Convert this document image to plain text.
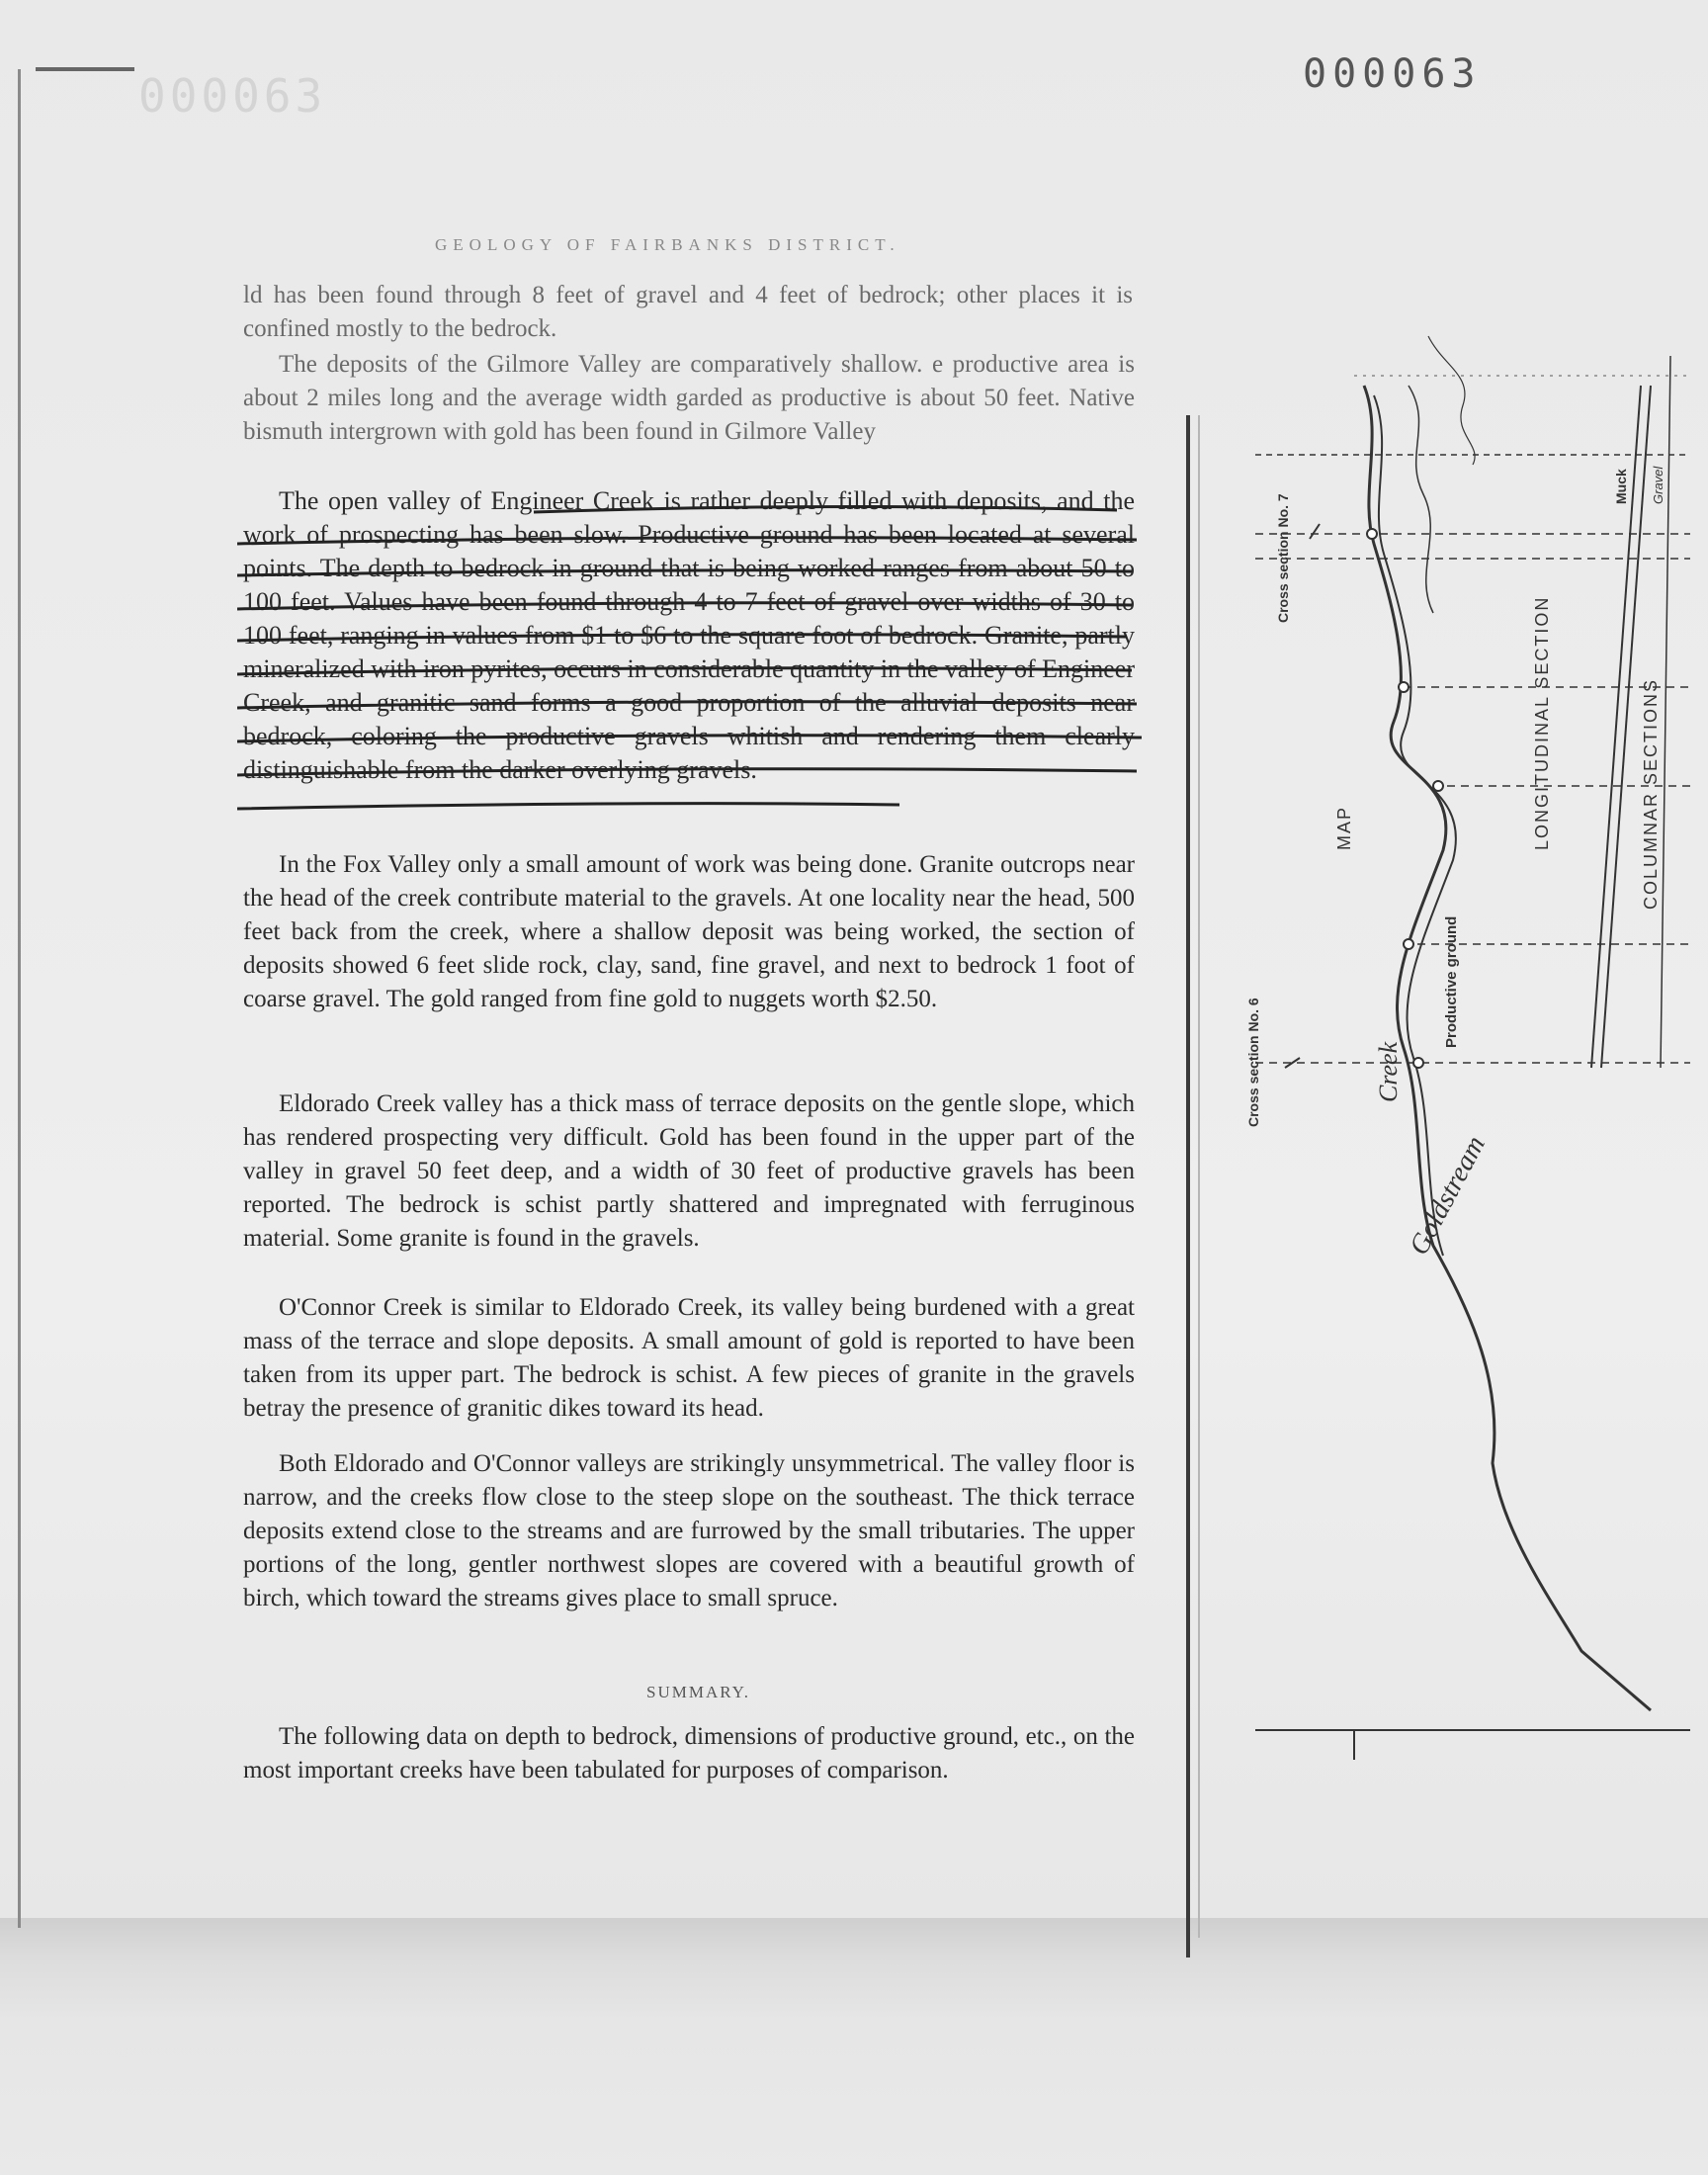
000063	000063
GEOLOGY OF FAIRBANKS DISTRICT.
ld has been found through 8 feet of gravel and 4 feet of bedrock; other places it is confined mostly to the bedrock.
The deposits of the Gilmore Valley are comparatively shallow. e productive area is about 2 miles long and the average width garded as productive is about 50 feet. Native bismuth intergrown with gold has been found in Gilmore Valley
The open valley of Engineer Creek is rather deeply filled with deposits, and the work of prospecting has been slow. Productive ground has been located at several points. The depth to bedrock in ground that is being worked ranges from about 50 to 100 feet. Values have been found through 4 to 7 feet of gravel over widths of 30 to 100 feet, ranging in values from $1 to $6 to the square foot of bedrock. Granite, partly mineralized with iron pyrites, occurs in considerable quantity in the valley of Engineer Creek, and granitic sand forms a good proportion of the alluvial deposits near bedrock, coloring the productive gravels whitish and rendering them clearly distinguishable from the darker overlying gravels.
In the Fox Valley only a small amount of work was being done. Granite outcrops near the head of the creek contribute material to the gravels. At one locality near the head, 500 feet back from the creek, where a shallow deposit was being worked, the section of deposits showed 6 feet slide rock, clay, sand, fine gravel, and next to bedrock 1 foot of coarse gravel. The gold ranged from fine gold to nuggets worth $2.50.
Eldorado Creek valley has a thick mass of terrace deposits on the gentle slope, which has rendered prospecting very difficult. Gold has been found in the upper part of the valley in gravel 50 feet deep, and a width of 30 feet of productive gravels has been reported. The bedrock is schist partly shattered and impregnated with ferruginous material. Some granite is found in the gravels.
O'Connor Creek is similar to Eldorado Creek, its valley being burdened with a great mass of the terrace and slope deposits. A small amount of gold is reported to have been taken from its upper part. The bedrock is schist. A few pieces of granite in the gravels betray the presence of granitic dikes toward its head.
Both Eldorado and O'Connor valleys are strikingly unsymmetrical. The valley floor is narrow, and the creeks flow close to the steep slope on the southeast. The thick terrace deposits extend close to the streams and are furrowed by the small tributaries. The upper portions of the long, gentler northwest slopes are covered with a beautiful growth of birch, which toward the streams gives place to small spruce.
SUMMARY.
The following data on depth to bedrock, dimensions of productive ground, etc., on the most important creeks have been tabulated for purposes of comparison.
Cross section No. 7
Cross section No. 6
MAP	LONGITUDINAL SECTION	COLUMNAR SECTIONS
Muck Gravel
Creek
Productive ground
Goldstream
